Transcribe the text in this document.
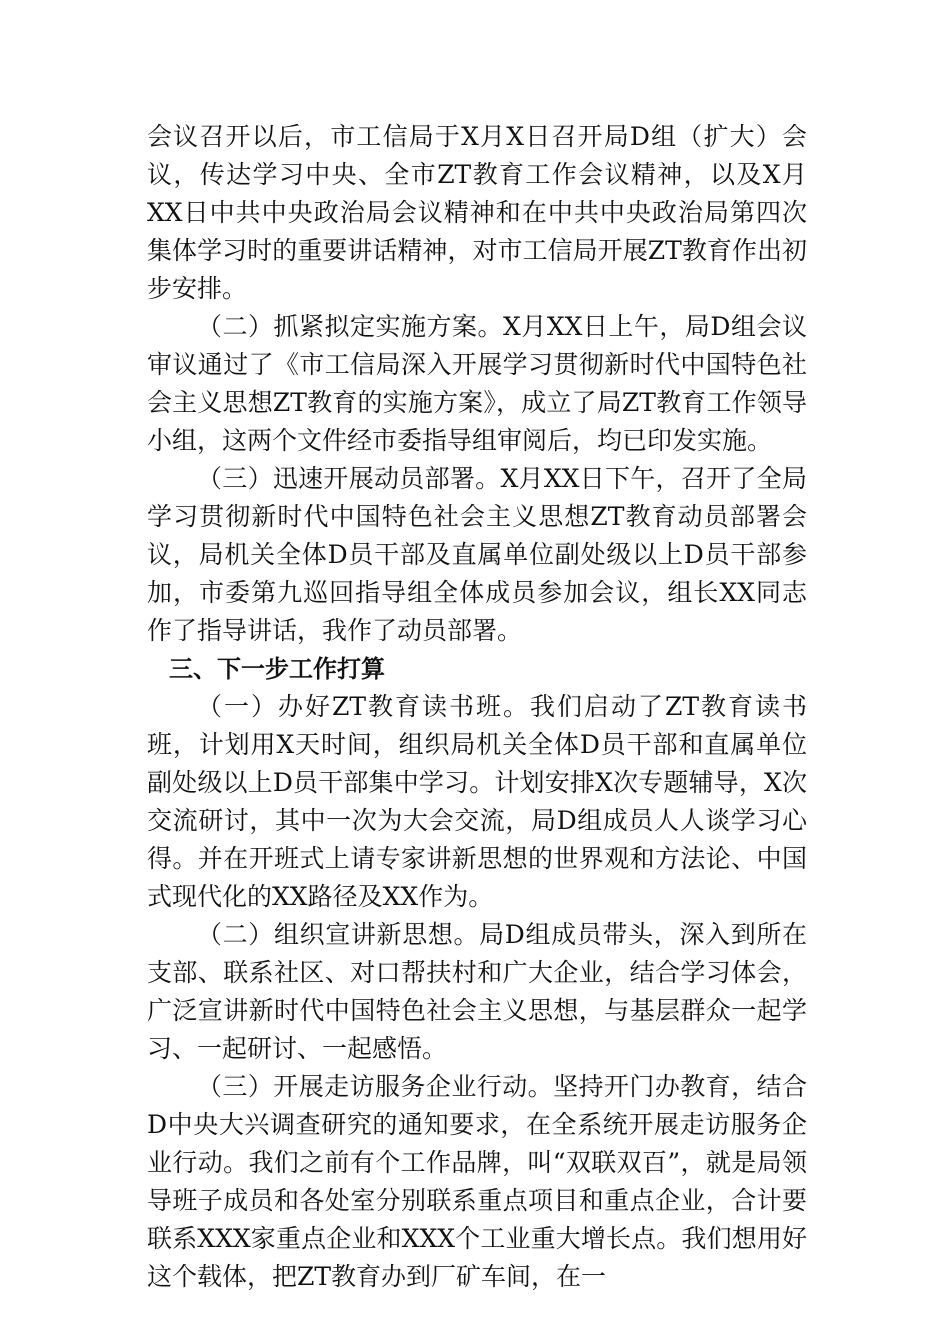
会议召开以后，市工信局于X月X日召开局D组（扩大）会议，传达学习中央、全市ZT教育工作会议精神，以及X月XX日中共中央政治局会议精神和在中共中央政治局第四次集体学习时的重要讲话精神，对市工信局开展ZT教育作出初步安排。

（二）抓紧拟定实施方案。X月XX日上午，局D组会议审议通过了《市工信局深入开展学习贯彻新时代中国特色社会主义思想ZT教育的实施方案》，成立了局ZT教育工作领导小组，这两个文件经市委指导组审阅后，均已印发实施。

（三）迅速开展动员部署。X月XX日下午，召开了全局学习贯彻新时代中国特色社会主义思想ZT教育动员部署会议，局机关全体D员干部及直属单位副处级以上D员干部参加，市委第九巡回指导组全体成员参加会议，组长XX同志作了指导讲话，我作了动员部署。

三、下一步工作打算

（一）办好ZT教育读书班。我们启动了ZT教育读书班，计划用X天时间，组织局机关全体D员干部和直属单位副处级以上D员干部集中学习。计划安排X次专题辅导，X次交流研讨，其中一次为大会交流，局D组成员人人谈学习心得。并在开班式上请专家讲新思想的世界观和方法论、中国式现代化的XX路径及XX作为。

（二）组织宣讲新思想。局D组成员带头，深入到所在支部、联系社区、对口帮扶村和广大企业，结合学习体会，广泛宣讲新时代中国特色社会主义思想，与基层群众一起学习、一起研讨、一起感悟。

（三）开展走访服务企业行动。坚持开门办教育，结合D中央大兴调查研究的通知要求，在全系统开展走访服务企业行动。我们之前有个工作品牌，叫“双联双百”，就是局领导班子成员和各处室分别联系重点项目和重点企业，合计要联系XXX家重点企业和XXX个工业重大增长点。我们想用好这个载体，把ZT教育办到厂矿车间，在一
